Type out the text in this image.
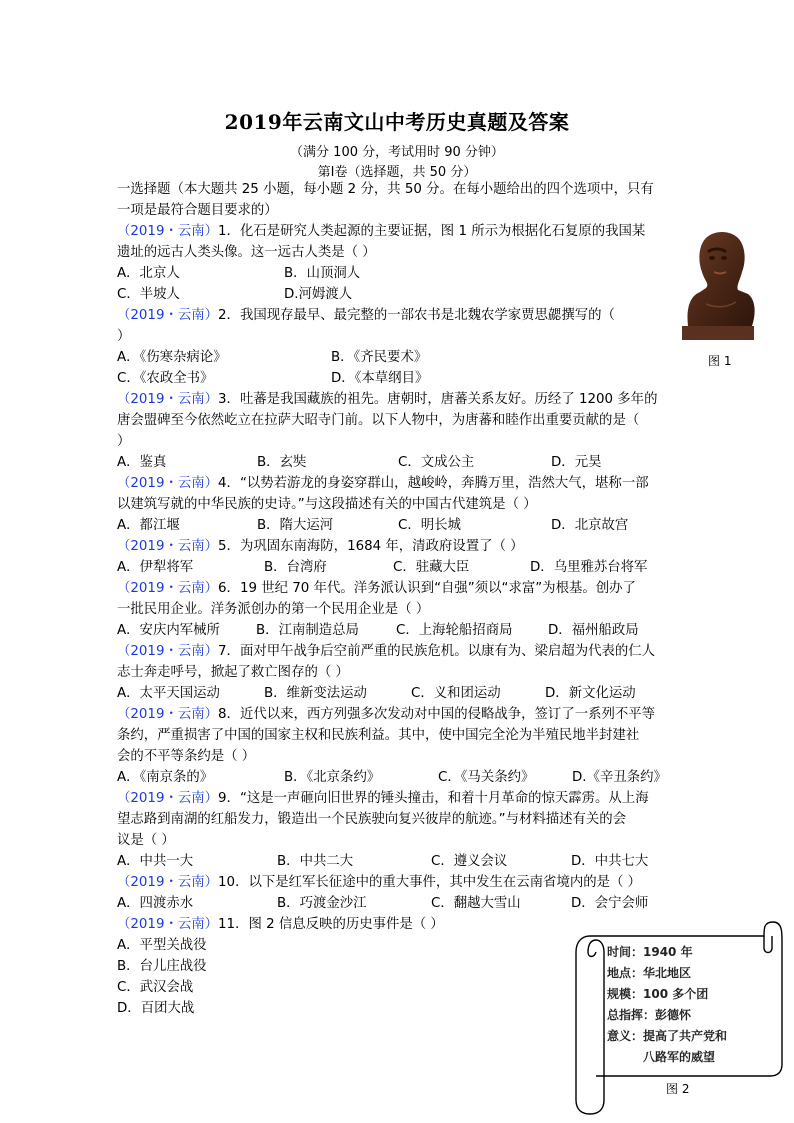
2019年云南文山中考历史真题及答案
（满分 100 分，考试用时 90 分钟）
第Ⅰ卷（选择题，共 50 分）
一选择题（本大题共 25 小题，每小题 2 分，共 50 分。在每小题给出的四个选项中，只有
一项是最符合题目要求的）
（2019・云南）1．化石是研究人类起源的主要证据，图 1 所示为根据化石复原的我国某
遗址的远古人类头像。这一远古人类是（ ）
A．北京人	B．山顶洞人
C．半坡人	D.河姆渡人
（2019・云南）2．我国现存最早、最完整的一部农书是北魏农学家贾思勰撰写的（
）
A．《伤寒杂病论》	B．《齐民要术》
C．《农政全书》	D．《本草纲目》
（2019・云南）3．吐蕃是我国藏族的祖先。唐朝时，唐蕃关系友好。历经了 1200 多年的
唐会盟碑至今依然屹立在拉萨大昭寺门前。以下人物中，为唐蕃和睦作出重要贡献的是（
）
A．鉴真	B．玄奘	C．文成公主	D．元昊
（2019・云南）4．“以势若游龙的身姿穿群山，越峻岭，奔腾万里，浩然大气，堪称一部
以建筑写就的中华民族的史诗。”与这段描述有关的中国古代建筑是（ ）
A．都江堰	B．隋大运河	C．明长城	D．北京故宫
（2019・云南）5．为巩固东南海防，1684 年，清政府设置了（ ）
A．伊犁将军	B．台湾府	C．驻藏大臣	D．乌里雅苏台将军
（2019・云南）6．19 世纪 70 年代。洋务派认识到“自强”须以“求富”为根基。创办了
一批民用企业。洋务派创办的第一个民用企业是（ ）
A．安庆内军械所	B．江南制造总局	C．上海轮船招商局	D．福州船政局
（2019・云南）7．面对甲午战争后空前严重的民族危机。以康有为、梁启超为代表的仁人
志士奔走呼号，掀起了救亡图存的（ ）
A．太平天国运动	B．维新变法运动	C．义和团运动	D．新文化运动
（2019・云南）8．近代以来，西方列强多次发动对中国的侵略战争，签订了一系列不平等
条约，严重损害了中国的国家主权和民族利益。其中，使中国完全沦为半殖民地半封建社
会的不平等条约是（ ）
A．《南京条的》	B．《北京条约》	C．《马关条约》	D.《辛丑条约》
（2019・云南）9．“这是一声砸向旧世界的锤头撞击，和着十月革命的惊天霹雳。从上海
望志路到南湖的红船发力，锻造出一个民族驶向复兴彼岸的航迹。”与材料描述有关的会
议是（ ）
A．中共一大	B．中共二大	C．遵义会议	D．中共七大
（2019・云南）10．以下是红军长征途中的重大事件，其中发生在云南省境内的是（ ）
A．四渡赤水	B．巧渡金沙江	C．翻越大雪山	D．会宁会师
（2019・云南）11．图 2 信息反映的历史事件是（ ）
A．平型关战役
B．台儿庄战役
C．武汉会战
D．百团大战
图 1
时间：1940 年
地点：华北地区
规模：100 多个团
总指挥：彭德怀
意义：提高了共产党和
　　　八路军的威望
图 2
